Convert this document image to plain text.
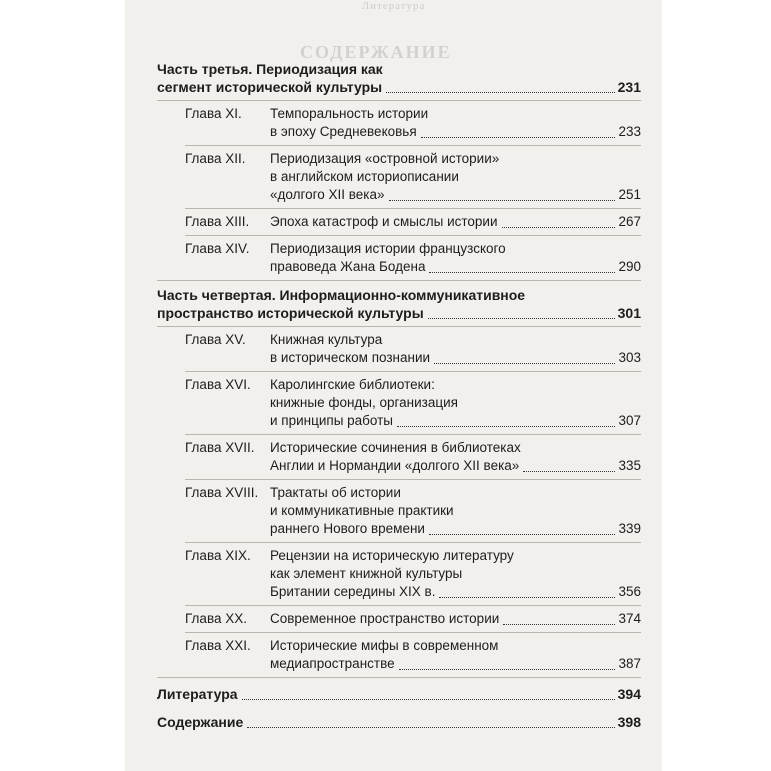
Литература
СОДЕРЖАНИЕ
Часть третья. Периодизация как
сегмент исторической культуры	231
Глава XI.	Темпоральность истории
в эпоху Средневековья	233
Глава XII.	Периодизация «островной истории»
в английском историописании
«долгого XII века»	251
Глава XIII.	Эпоха катастроф и смыслы истории	267
Глава XIV.	Периодизация истории французского
правоведа Жана Бодена	290
Часть четвертая. Информационно-коммуникативное
пространство исторической культуры	301
Глава XV.	Книжная культура
в историческом познании	303
Глава XVI.	Каролингские библиотеки:
книжные фонды, организация
и принципы работы	307
Глава XVII.	Исторические сочинения в библиотеках
Англии и Нормандии «долгого XII века»	335
Глава XVIII. Трактаты об истории
и коммуникативные практики
раннего Нового времени	339
Глава XIX.	Рецензии на историческую литературу
как элемент книжной культуры
Британии середины XIX в.	356
Глава XX.	Современное пространство истории	374
Глава XXI.	Исторические мифы в современном
медиапространстве	387
Литература	394
Содержание	398
